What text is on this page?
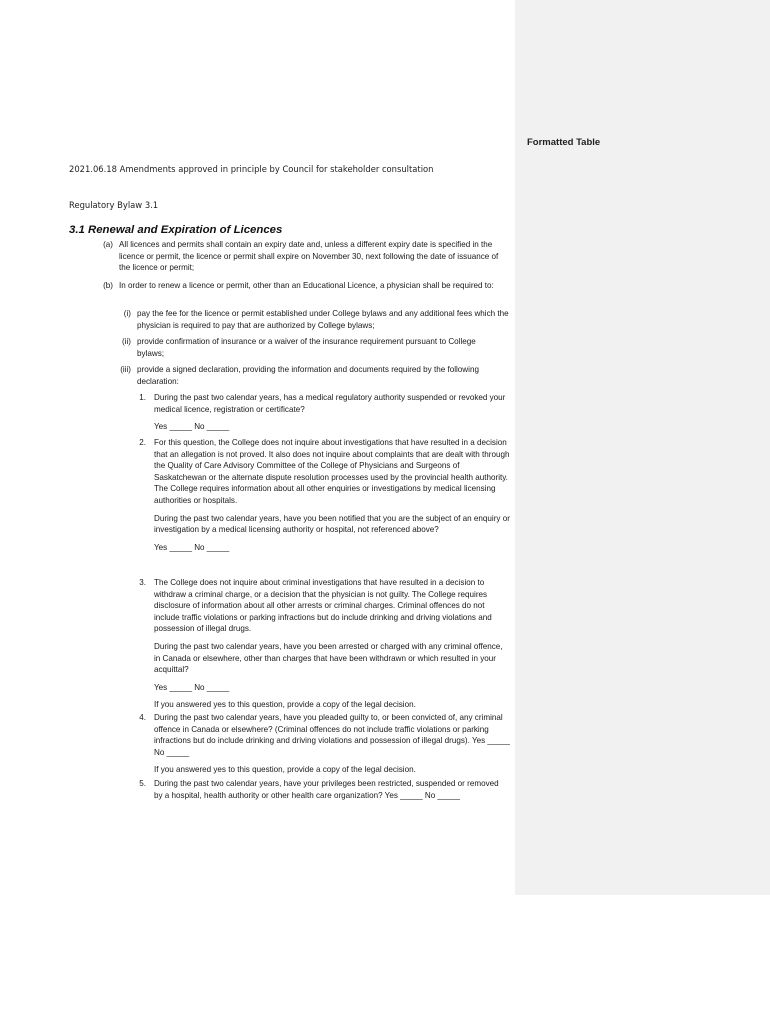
2021.06.18 Amendments approved in principle by Council for stakeholder consultation
Regulatory Bylaw 3.1
3.1 Renewal and Expiration of Licences
(a) All licences and permits shall contain an expiry date and, unless a different expiry date is specified in the licence or permit, the licence or permit shall expire on November 30, next following the date of issuance of the licence or permit;

(b) In order to renew a licence or permit, other than an Educational Licence, a physician shall be required to:

(i) pay the fee for the licence or permit established under College bylaws and any additional fees which the physician is required to pay that are authorized by College bylaws;

(ii) provide confirmation of insurance or a waiver of the insurance requirement pursuant to College bylaws;

(iii) provide a signed declaration, providing the information and documents required by the following declaration:

1. During the past two calendar years, has a medical regulatory authority suspended or revoked your medical licence, registration or certificate?

Yes _____ No _____

2. For this question, the College does not inquire about investigations that have resulted in a decision that an allegation is not proved. It also does not inquire about complaints that are dealt with through the Quality of Care Advisory Committee of the College of Physicians and Surgeons of Saskatchewan or the alternate dispute resolution processes used by the provincial health authority. The College requires information about all other enquiries or investigations by medical licensing authorities or hospitals.

During the past two calendar years, have you been notified that you are the subject of an enquiry or investigation by a medical licensing authority or hospital, not referenced above?

Yes _____ No _____

3. The College does not inquire about criminal investigations that have resulted in a decision to withdraw a criminal charge, or a decision that the physician is not guilty. The College requires disclosure of information about all other arrests or criminal charges. Criminal offences do not include traffic violations or parking infractions but do include drinking and driving violations and possession of illegal drugs.

During the past two calendar years, have you been arrested or charged with any criminal offence, in Canada or elsewhere, other than charges that have been withdrawn or which resulted in your acquittal?

Yes _____ No _____

If you answered yes to this question, provide a copy of the legal decision.

4. During the past two calendar years, have you pleaded guilty to, or been convicted of, any criminal offence in Canada or elsewhere? (Criminal offences do not include traffic violations or parking infractions but do include drinking and driving violations and possession of illegal drugs). Yes _____ No _____

If you answered yes to this question, provide a copy of the legal decision.

5. During the past two calendar years, have your privileges been restricted, suspended or removed by a hospital, health authority or other health care organization? Yes _____ No _____

Formatted Table
